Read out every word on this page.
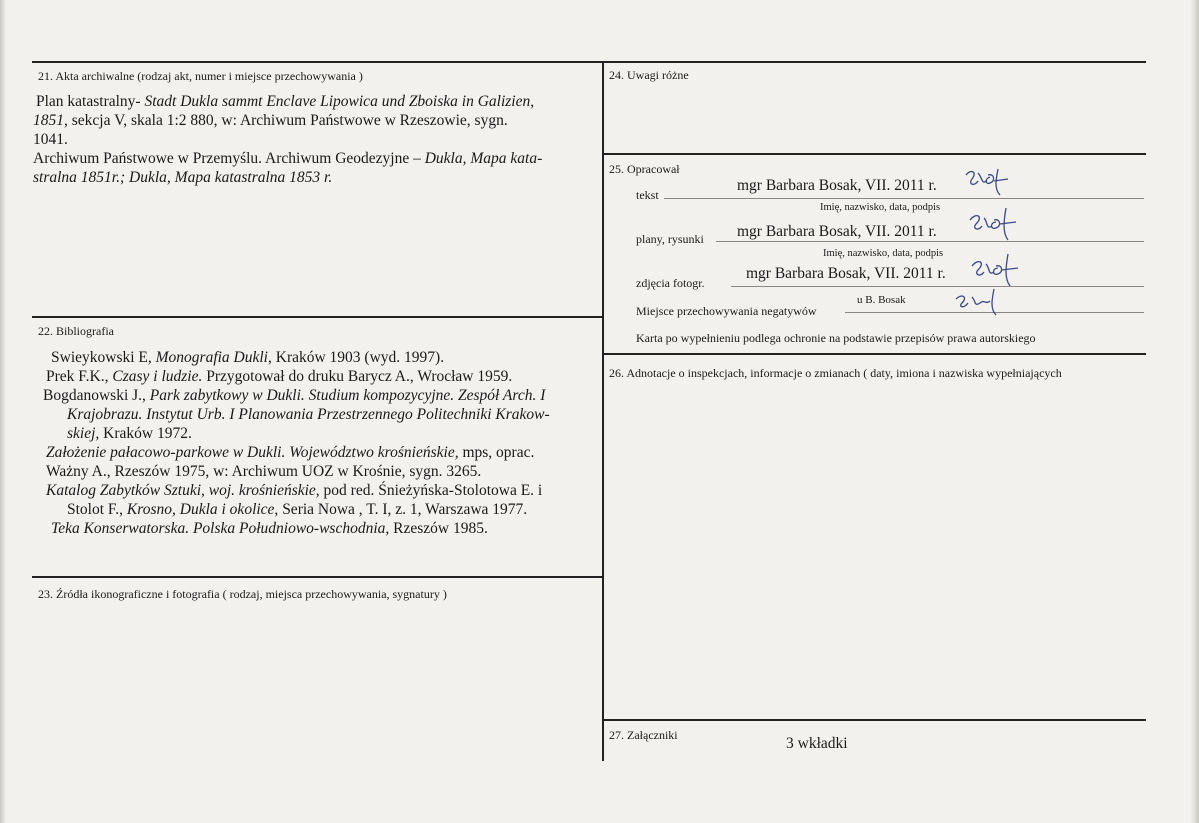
21. Akta archiwalne (rodzaj akt, numer i miejsce przechowywania )
Plan katastralny- Stadt Dukla sammt Enclave Lipowica und Zboiska in Galizien,
1851, sekcja V, skala 1:2 880, w: Archiwum Państwowe w Rzeszowie, sygn.
1041.
Archiwum Państwowe w Przemyślu. Archiwum Geodezyjne – Dukla, Mapa kata-
stralna 1851r.; Dukla, Mapa katastralna 1853 r.
22. Bibliografia
Swieykowski E, Monografia Dukli, Kraków 1903 (wyd. 1997).
Prek F.K., Czasy i ludzie. Przygotował do druku Barycz A., Wrocław 1959.
Bogdanowski J., Park zabytkowy w Dukli. Studium kompozycyjne. Zespół Arch. I
Krajobrazu. Instytut Urb. I Planowania Przestrzennego Politechniki Krakow-
skiej, Kraków 1972.
Założenie pałacowo-parkowe w Dukli. Województwo krośnieńskie, mps, oprac.
Ważny A., Rzeszów 1975, w: Archiwum UOZ w Krośnie, sygn. 3265.
Katalog Zabytków Sztuki, woj. krośnieńskie, pod red. Śnieżyńska-Stolotowa E. i
Stolot F., Krosno, Dukla i okolice, Seria Nowa , T. I, z. 1, Warszawa 1977.
Teka Konserwatorska. Polska Południowo-wschodnia, Rzeszów 1985.
23. Źródła ikonograficzne i fotografia ( rodzaj, miejsca przechowywania, sygnatury )
24. Uwagi różne
25. Opracował
tekst
mgr Barbara Bosak, VII. 2011 r.
Imię, nazwisko, data, podpis
plany, rysunki mgr Barbara Bosak, VII. 2011 r.
Imię, nazwisko, data, podpis
zdjęcia fotogr.
mgr Barbara Bosak, VII. 2011 r.
Miejsce przechowywania negatywów
u B. Bosak
Karta po wypełnieniu podlega ochronie na podstawie przepisów prawa autorskiego
26. Adnotacje o inspekcjach, informacje o zmianach ( daty, imiona i nazwiska wypełniających
27. Załączniki	3 wkładki
